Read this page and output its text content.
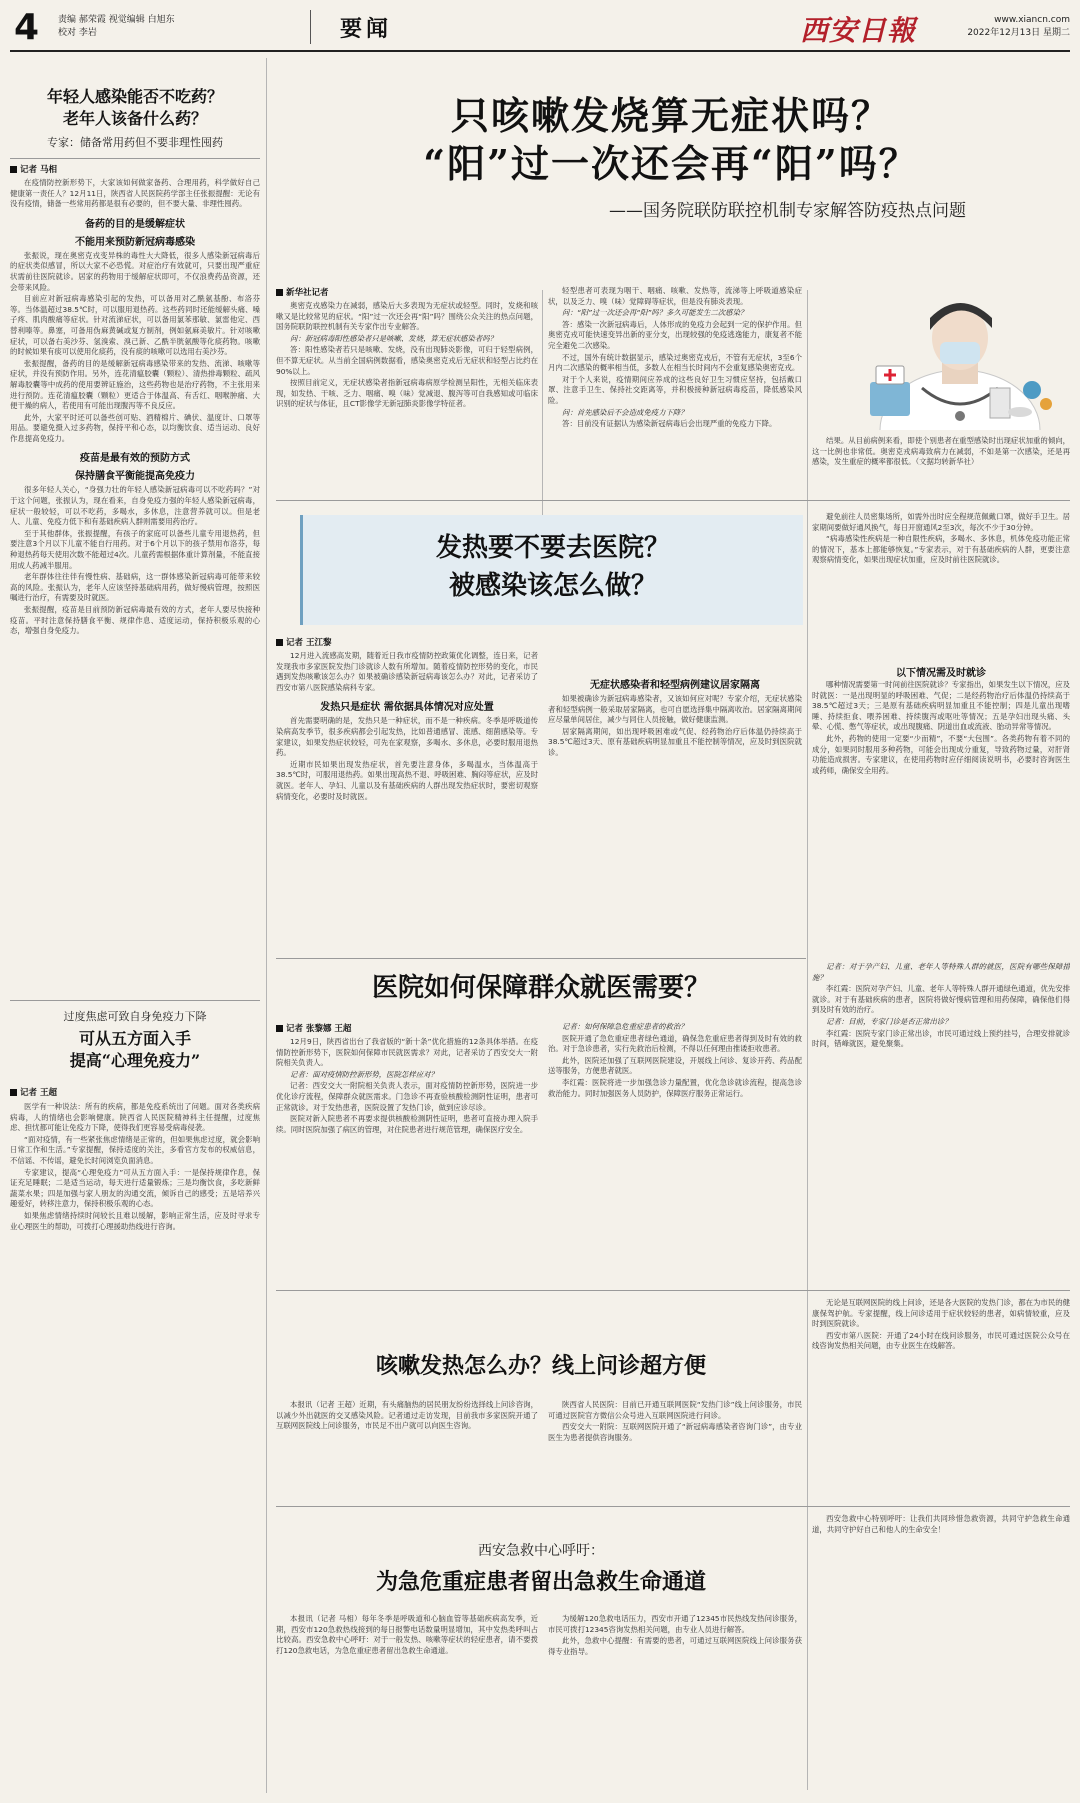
4 责编 郝荣霞 视觉编辑 白旭东
校对 李岩	要闻	西安日報	www.xiancn.com
2022年12月13日 星期二
年轻人感染能否不吃药？
老年人该备什么药？
专家：储备常用药但不要非理性囤药
记者 马相

在疫情防控新形势下，大家该如何做家备药、合理用药，科学做好自己健康第一责任人？12月11日，陕西省人民医院药学部主任张振提醒：无论有没有疫情，储备一些常用药都是很有必要的，但不要大量、非理性囤药。

备药的目的是缓解症状
不能用来预防新冠病毒感染

张振说，现在奥密克戎变异株的毒性大大降低，很多人感染新冠病毒后的症状类似感冒，所以大家不必恐慌。对症治疗有效就可，只要出现严重症状需前往医院就诊。居家的药物用于缓解症状即可，不仅浪费药品资源，还会带来风险。

目前应对新冠病毒感染引起的发热，可以备用对乙酰氨基酚、布洛芬等。当体温超过38.5℃时，可以服用退热药。这些药同时还能缓解头痛、嗓子疼、肌肉酸痛等症状。针对流涕症状，可以备用氯苯那敏、氯雷他定、西替利嗪等。鼻塞，可备用伪麻黄碱或复方制剂，例如氨麻美敏片。针对咳嗽症状，可以备右美沙芬、氢溴索、溴己新、乙酰半胱氨酸等化痰药物。咳嗽的时候如果有痰可以使用化痰药，没有痰的咳嗽可以选用右美沙芬。

张振提醒，备药的目的是缓解新冠病毒感染带来的发热、流涕、咳嗽等症状，并没有预防作用。另外，连花清瘟胶囊（颗粒）、清热排毒颗粒、疏风解毒胶囊等中成药的使用要辨证施治，这些药物也是治疗药物，不主张用来进行预防。连花清瘟胶囊（颗粒）更适合于体温高、有舌红、咽喉肿痛、大便干燥的病人，若使用有可能出现腹泻等不良反应。

此外，大家平时还可以备些创可贴、酒精棉片、碘伏、温度计、口罩等用品。要避免摄入过多药物，保持平和心态，以均衡饮食、适当运动、良好作息提高免疫力。

疫苗是最有效的预防方式
保持膳食平衡能提高免疫力

很多年轻人关心，“身强力壮的年轻人感染新冠病毒可以不吃药吗？”对于这个问题，张振认为，现在看来，自身免疫力强的年轻人感染新冠病毒，症状一般较轻，可以不吃药，多喝水，多休息，注意营养就可以。但是老人、儿童、免疫力低下和有基础疾病人群则需要用药治疗。

至于其他群体，张振提醒，有孩子的家庭可以备些儿童专用退热药，但要注意3个月以下儿童不能自行用药。对于6个月以下的孩子禁用布洛芬，每种退热药每天使用次数不能超过4次。儿童药需根据体重计算剂量，不能直接用成人药减半服用。

老年群体往往伴有慢性病、基础病，这一群体感染新冠病毒可能带来较高的风险。张振认为，老年人应该坚持基础病用药，做好慢病管理，按照医嘱进行治疗，有需要及时就医。

张振提醒，疫苗是目前预防新冠病毒最有效的方式，老年人要尽快接种疫苗。平时注意保持膳食平衡、规律作息、适度运动，保持积极乐观的心态，增强自身免疫力。

过度焦虑可致自身免疫力下降
可从五方面入手
提高“心理免疫力”
记者 王超

医学有一种说法：所有的疾病，都是免疫系统出了问题。面对各类疾病病毒，人的情绪也会影响健康。陕西省人民医院精神科主任提醒，过度焦虑、担忧都可能让免疫力下降，使得我们更容易受病毒侵袭。

“面对疫情，有一些紧张焦虑情绪是正常的，但如果焦虑过度，就会影响日常工作和生活。”专家提醒，保持适度的关注，多看官方发布的权威信息，不信谣、不传谣，避免长时间浏览负面消息。

专家建议，提高“心理免疫力”可从五方面入手：一是保持规律作息，保证充足睡眠；二是适当运动，每天进行适量锻炼；三是均衡饮食，多吃新鲜蔬菜水果；四是加强与家人朋友的沟通交流，倾诉自己的感受；五是培养兴趣爱好，转移注意力，保持积极乐观的心态。

如果焦虑情绪持续时间较长且难以缓解，影响正常生活，应及时寻求专业心理医生的帮助，可拨打心理援助热线进行咨询。

只咳嗽发烧算无症状吗？
“阳”过一次还会再“阳”吗？
——国务院联防联控机制专家解答防疫热点问题
新华社记者

奥密克戎感染力在减弱，感染后大多表现为无症状或轻型。同时，发烧和咳嗽又是比较常见的症状。“阳”过一次还会再“阳”吗？围绕公众关注的热点问题，国务院联防联控机制有关专家作出专业解答。

问：新冠病毒阳性感染者只是咳嗽、发烧，算无症状感染者吗？

答：阳性感染者若只是咳嗽、发烧，没有出现肺炎影像，可归于轻型病例，但不算无症状。从当前全国病例数据看，感染奥密克戎后无症状和轻型占比约在90%以上。

按照目前定义，无症状感染者指新冠病毒病原学检测呈阳性，无相关临床表现，如发热、干咳、乏力、咽痛、嗅（味）觉减退、腹泻等可自我感知或可临床识别的症状与体征，且CT影像学无新冠肺炎影像学特征者。

轻型患者可表现为咽干、咽痛、咳嗽、发热等，流涕等上呼吸道感染症状，以及乏力、嗅（味）觉障碍等症状，但是没有肺炎表现。

问：“阳”过一次还会再“阳”吗？多久可能发生二次感染？

答：感染一次新冠病毒后，人体形成的免疫力会起到一定的保护作用。但奥密克戎可能快速变异出新的亚分支，出现较强的免疫逃逸能力，康复者不能完全避免二次感染。

不过，国外有统计数据显示，感染过奥密克戎后，不管有无症状，3至6个月内二次感染的概率相当低，多数人在相当长时间内不会重复感染奥密克戎。

对于个人来说，疫情期间应养成的这些良好卫生习惯应坚持，包括戴口罩、注意手卫生、保持社交距离等，并积极接种新冠病毒疫苗，降低感染风险。

问：首先感染后不会造成免疫力下降？

答：目前没有证据认为感染新冠病毒后会出现严重的免疫力下降。

结果。从目前病例来看，即使个别患者在重型感染时出现症状加重的倾向，这一比例也非常低。奥密克戎病毒致病力在减弱，不如是第一次感染，还是再感染，发生重症的概率都很低。（文据均转新华社）

发热要不要去医院？
被感染该怎么做？

避免前往人员密集场所，如需外出时应全程规范佩戴口罩，做好手卫生。居家期间要做好通风换气，每日开窗通风2至3次，每次不少于30分钟。

“病毒感染性疾病是一种自限性疾病，多喝水、多休息，机体免疫功能正常的情况下，基本上都能够恢复。”专家表示，对于有基础疾病的人群，更要注意观察病情变化，如果出现症状加重，应及时前往医院就诊。

以下情况需及时就诊

哪种情况需要第一时间前往医院就诊？专家指出，如果发生以下情况，应及时就医：一是出现明显的呼吸困难、气促；二是经药物治疗后体温仍持续高于38.5℃超过3天；三是原有基础疾病明显加重且不能控制；四是儿童出现嗜睡、持续拒食、喂养困难、持续腹泻或呕吐等情况；五是孕妇出现头痛、头晕、心慌、憋气等症状，或出现腹痛、阴道出血或流液、胎动异常等情况。

此外，药物的使用一定要“少而精”，不要“大包围”。各类药物有着不同的成分，如果同时服用多种药物，可能会出现成分重复，导致药物过量，对肝肾功能造成损害。专家建议，在使用药物时应仔细阅读说明书，必要时咨询医生或药师，确保安全用药。

记者 王江黎

12月进入流感高发期，随着近日我市疫情防控政策优化调整，连日来，记者发现我市多家医院发热门诊就诊人数有所增加。随着疫情防控形势的变化，市民遇到发热咳嗽该怎么办？如果被确诊感染新冠病毒该怎么办？对此，记者采访了西安市第八医院感染病科专家。

发热只是症状 需依据具体情况对应处置

首先需要明确的是，发热只是一种症状，而不是一种疾病。冬季是呼吸道传染病高发季节，很多疾病都会引起发热，比如普通感冒、流感、细菌感染等。专家建议，如果发热症状较轻，可先在家观察，多喝水、多休息，必要时服用退热药。

近期市民如果出现发热症状，首先要注意身体，多喝温水，当体温高于38.5℃时，可服用退热药。如果出现高热不退、呼吸困难、胸闷等症状，应及时就医。老年人、孕妇、儿童以及有基础疾病的人群出现发热症状时，要密切观察病情变化，必要时及时就医。

无症状感染者和轻型病例建议居家隔离

如果被确诊为新冠病毒感染者，又该如何应对呢？专家介绍，无症状感染者和轻型病例一般采取居家隔离，也可自愿选择集中隔离收治。居家隔离期间应尽量单间居住，减少与同住人员接触，做好健康监测。

居家隔离期间，如出现呼吸困难或气促、经药物治疗后体温仍持续高于38.5℃超过3天、原有基础疾病明显加重且不能控制等情况，应及时到医院就诊。

医院如何保障群众就医需要？
记者 张黎娜 王超

12月9日，陕西省出台了我省版的“新十条”优化措施的12条具体举措。在疫情防控新形势下，医院如何保障市民就医需求？对此，记者采访了西安交大一附院相关负责人。

记者：面对疫情防控新形势，医院怎样应对？

记者：西安交大一附院相关负责人表示，面对疫情防控新形势，医院进一步优化诊疗流程，保障群众就医需求。门急诊不再查验核酸检测阴性证明，患者可正常就诊。对于发热患者，医院设置了发热门诊，做到应诊尽诊。

医院对新入院患者不再要求提供核酸检测阴性证明，患者可直接办理入院手续。同时医院加强了病区的管理，对住院患者进行规范管理，确保医疗安全。

记者：如何保障急危重症患者的救治？

医院开通了急危重症患者绿色通道，确保急危重症患者得到及时有效的救治。对于急诊患者，实行先救治后检测，不得以任何理由推诿拒收患者。

此外，医院还加强了互联网医院建设，开展线上问诊、复诊开药、药品配送等服务，方便患者就医。

李红霞：医院将进一步加强急诊力量配置，优化急诊就诊流程，提高急诊救治能力。同时加强医务人员防护，保障医疗服务正常运行。

记者：对于孕产妇、儿童、老年人等特殊人群的就医，医院有哪些保障措施？

李红霞：医院对孕产妇、儿童、老年人等特殊人群开通绿色通道，优先安排就诊。对于有基础疾病的患者，医院将做好慢病管理和用药保障，确保他们得到及时有效的治疗。

记者：目前，专家门诊是否正常出诊？

李红霞：医院专家门诊正常出诊，市民可通过线上预约挂号，合理安排就诊时间，错峰就医，避免聚集。

咳嗽发热怎么办？线上问诊超方便

本报讯（记者 王超）近期，有头痛脑热的居民朋友纷纷选择线上问诊咨询，以减少外出就医的交叉感染风险。记者通过走访发现，目前我市多家医院开通了互联网医院线上问诊服务，市民足不出户就可以向医生咨询。

陕西省人民医院：目前已开通互联网医院“发热门诊”线上问诊服务，市民可通过医院官方微信公众号进入互联网医院进行问诊。

西安交大一附院：互联网医院开通了“新冠病毒感染者咨询门诊”，由专业医生为患者提供咨询服务。

无论是互联网医院的线上问诊，还是各大医院的发热门诊，都在为市民的健康保驾护航。专家提醒，线上问诊适用于症状较轻的患者，如病情较重，应及时到医院就诊。

西安市第八医院：开通了24小时在线问诊服务，市民可通过医院公众号在线咨询发热相关问题，由专业医生在线解答。

西安急救中心呼吁：
为急危重症患者留出急救生命通道

本报讯（记者 马相）每年冬季是呼吸道和心脑血管等基础疾病高发季，近期，西安市120急救热线接到的每日报警电话数量明显增加，其中发热类呼叫占比较高。西安急救中心呼吁：对于一般发热、咳嗽等症状的轻症患者，请不要拨打120急救电话，为急危重症患者留出急救生命通道。

为缓解120急救电话压力，西安市开通了12345市民热线发热问诊服务，市民可拨打12345咨询发热相关问题，由专业人员进行解答。

此外，急救中心提醒：有需要的患者，可通过互联网医院线上问诊服务获得专业指导。

西安急救中心特别呼吁：让我们共同珍惜急救资源，共同守护急救生命通道，共同守护好自己和他人的生命安全！
